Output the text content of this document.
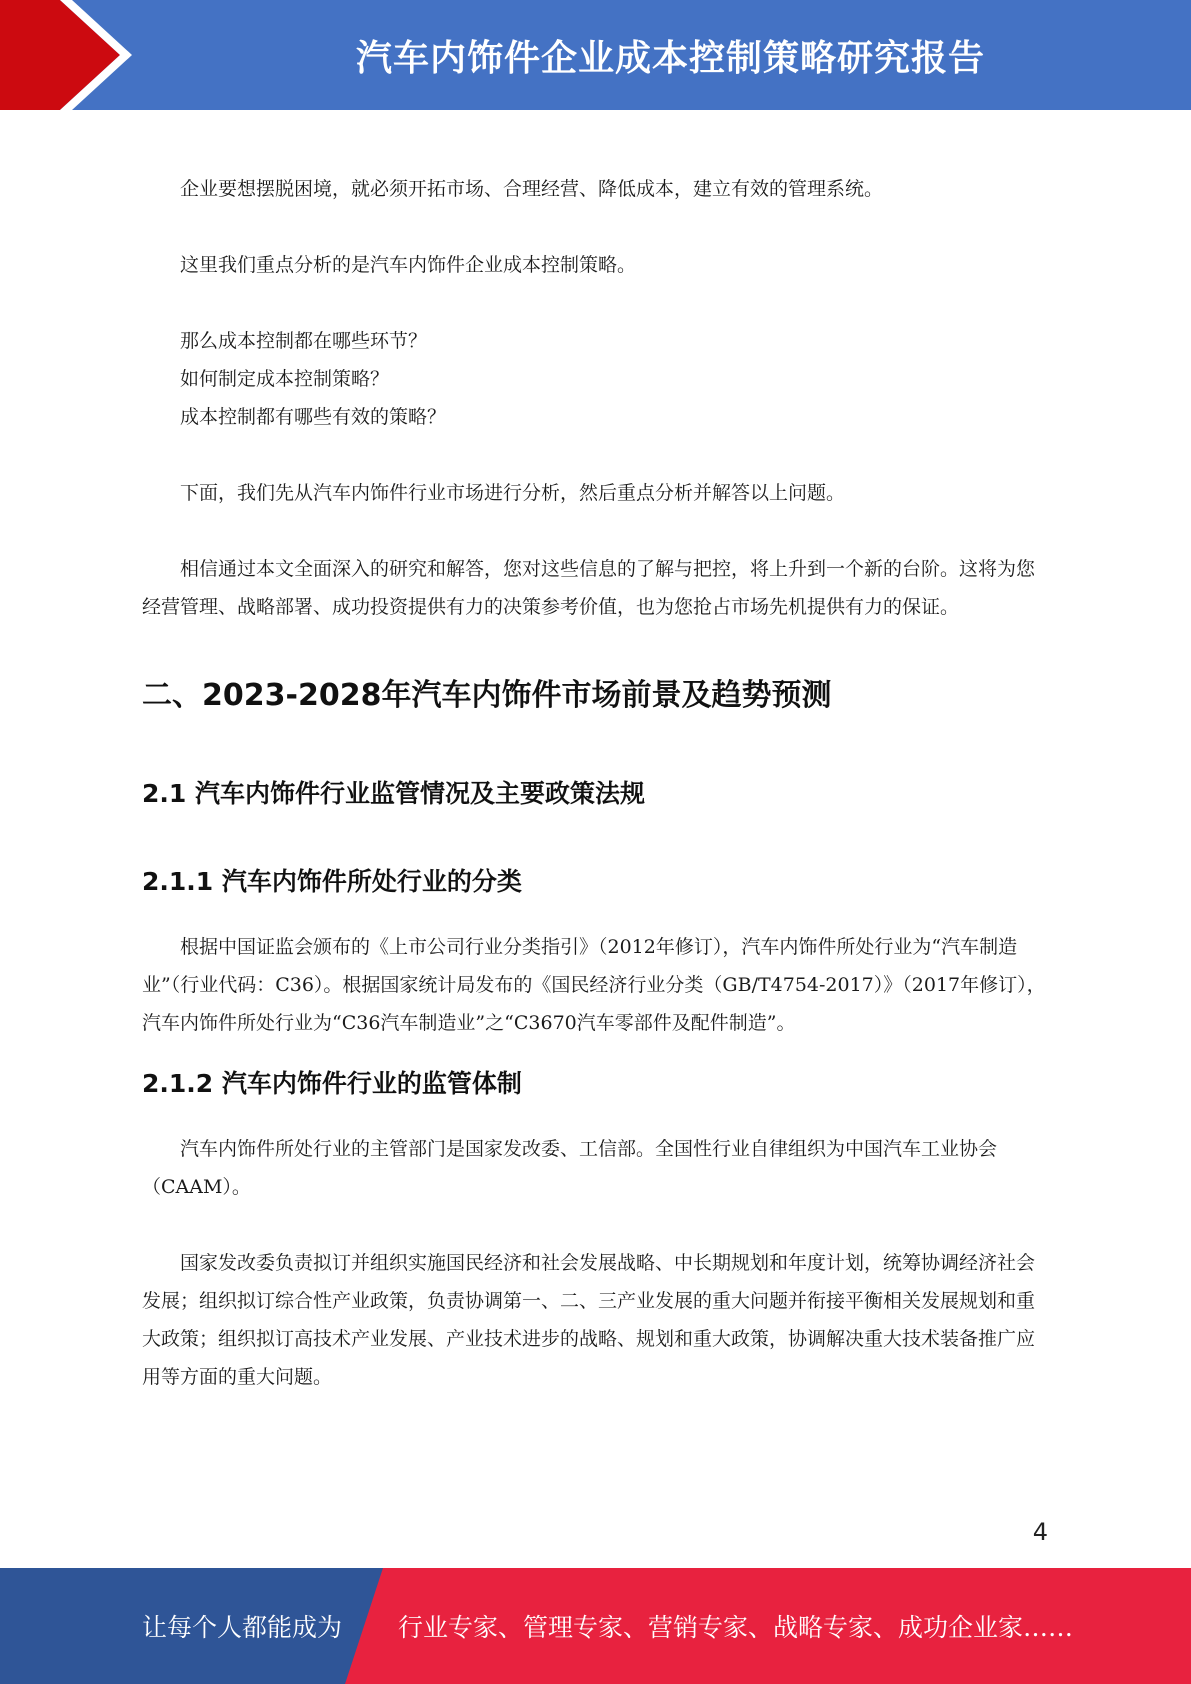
汽车内饰件企业成本控制策略研究报告

企业要想摆脱困境，就必须开拓市场、合理经营、降低成本，建立有效的管理系统。

这里我们重点分析的是汽车内饰件企业成本控制策略。

那么成本控制都在哪些环节？

如何制定成本控制策略？

成本控制都有哪些有效的策略？

下面，我们先从汽车内饰件行业市场进行分析，然后重点分析并解答以上问题。

相信通过本文全面深入的研究和解答，您对这些信息的了解与把控，将上升到一个新的台阶。这将为您经营管理、战略部署、成功投资提供有力的决策参考价值，也为您抢占市场先机提供有力的保证。

二、2023-2028年汽车内饰件市场前景及趋势预测
2.1 汽车内饰件行业监管情况及主要政策法规
2.1.1 汽车内饰件所处行业的分类

根据中国证监会颁布的《上市公司行业分类指引》（2012年修订），汽车内饰件所处行业为“汽车制造业”（行业代码：C36）。根据国家统计局发布的《国民经济行业分类（GB/T4754-2017）》（2017年修订），汽车内饰件所处行业为“C36汽车制造业”之“C3670汽车零部件及配件制造”。

2.1.2 汽车内饰件行业的监管体制

汽车内饰件所处行业的主管部门是国家发改委、工信部。全国性行业自律组织为中国汽车工业协会（CAAM）。

国家发改委负责拟订并组织实施国民经济和社会发展战略、中长期规划和年度计划，统筹协调经济社会发展；组织拟订综合性产业政策，负责协调第一、二、三产业发展的重大问题并衔接平衡相关发展规划和重大政策；组织拟订高技术产业发展、产业技术进步的战略、规划和重大政策，协调解决重大技术装备推广应用等方面的重大问题。

4
让每个人都能成为 行业专家、管理专家、营销专家、战略专家、成功企业家……
